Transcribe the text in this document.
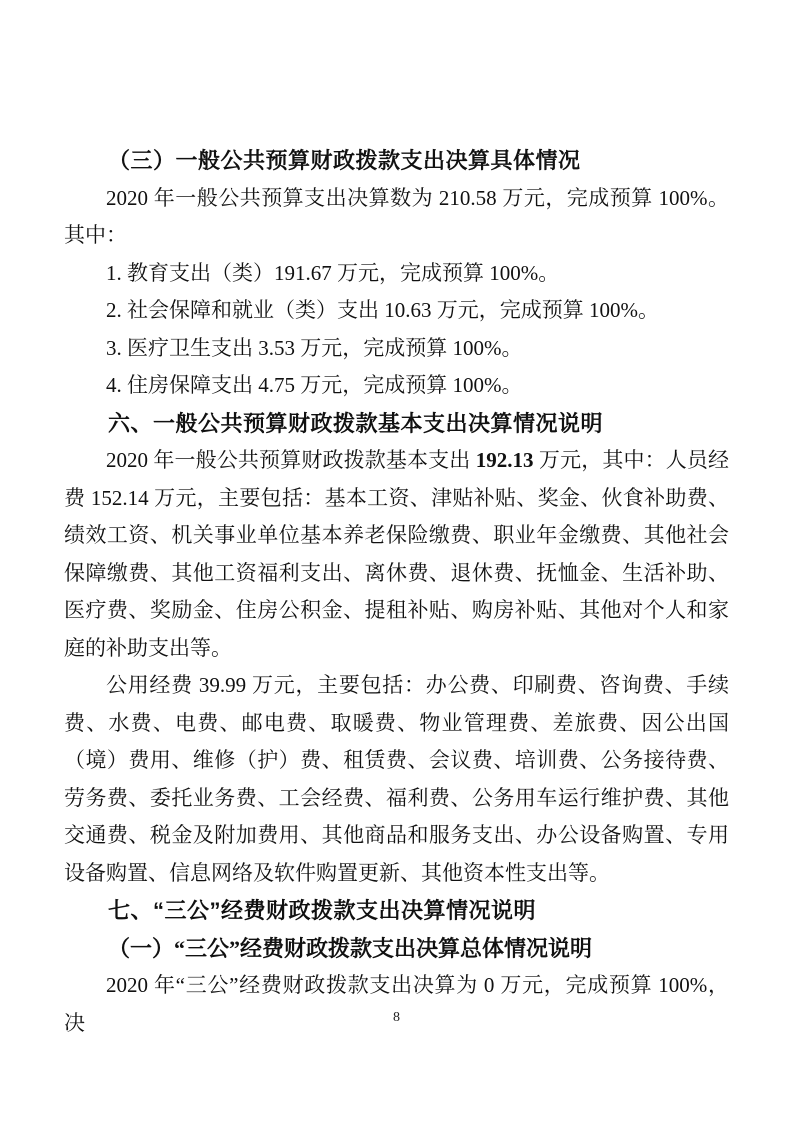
（三）一般公共预算财政拨款支出决算具体情况

2020 年一般公共预算支出决算数为 210.58 万元，完成预算 100%。其中：

1. 教育支出（类）191.67 万元，完成预算 100%。

2. 社会保障和就业（类）支出 10.63 万元，完成预算 100%。

3. 医疗卫生支出 3.53 万元，完成预算 100%。

4. 住房保障支出 4.75 万元，完成预算 100%。

六、一般公共预算财政拨款基本支出决算情况说明

2020 年一般公共预算财政拨款基本支出 192.13 万元，其中：人员经费 152.14 万元，主要包括：基本工资、津贴补贴、奖金、伙食补助费、绩效工资、机关事业单位基本养老保险缴费、职业年金缴费、其他社会保障缴费、其他工资福利支出、离休费、退休费、抚恤金、生活补助、医疗费、奖励金、住房公积金、提租补贴、购房补贴、其他对个人和家庭的补助支出等。

公用经费 39.99 万元，主要包括：办公费、印刷费、咨询费、手续费、水费、电费、邮电费、取暖费、物业管理费、差旅费、因公出国（境）费用、维修（护）费、租赁费、会议费、培训费、公务接待费、劳务费、委托业务费、工会经费、福利费、公务用车运行维护费、其他交通费、税金及附加费用、其他商品和服务支出、办公设备购置、专用设备购置、信息网络及软件购置更新、其他资本性支出等。

七、“三公”经费财政拨款支出决算情况说明
（一）“三公”经费财政拨款支出决算总体情况说明

2020 年“三公”经费财政拨款支出决算为 0 万元，完成预算 100%，决	8
